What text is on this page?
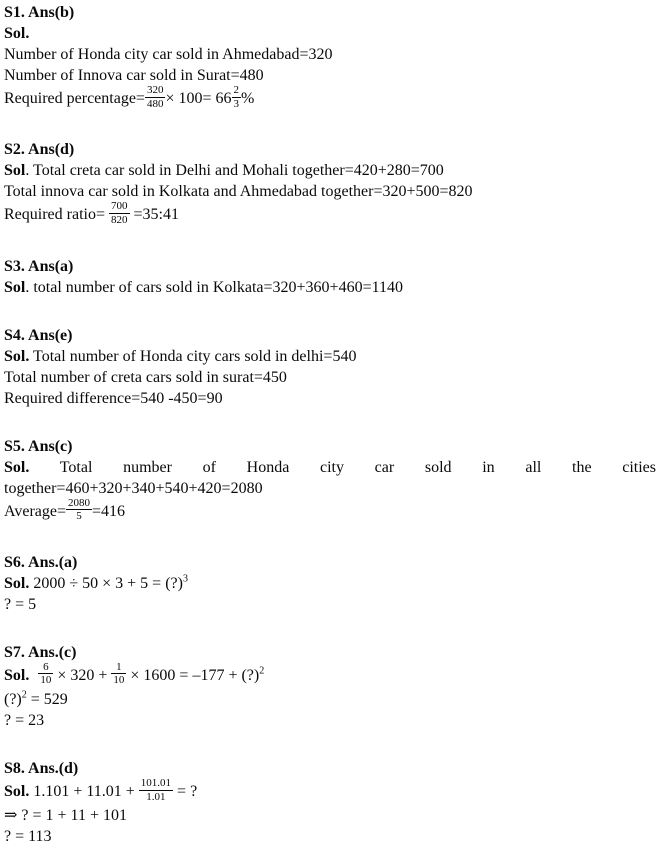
S1. Ans(b)
Sol.
Number of Honda city car sold in Ahmedabad=320
Number of Innova car sold in Surat=480
Required percentage= $\frac{320}{480} \times 100= 66 \frac{2}{3}$ %
S2. Ans(d)
Sol. Total creta car sold in Delhi and Mohali together=420+280=700
Total innova car sold in Kolkata and Ahmedabad together=320+500=820
Required ratio= $\frac{700}{820}$ =35:41
S3. Ans(a)
Sol. total number of cars sold in Kolkata=320+360+460=1140
S4. Ans(e)
Sol. Total number of Honda city cars sold in delhi=540
Total number of creta cars sold in surat=450
Required difference=540 -450=90
S5. Ans(c)
Sol. Total number of Honda city car sold in all the cities
together=460+320+340+540+420=2080
Average= $\frac{2080}{5} =416$
S6. Ans.(a)
Sol. 2000 ÷ 50 × 3 + 5 = (?)$^3$
? = 5
S7. Ans.(c)
Sol. $\frac{6}{10} \times 320 + \frac{1}{10} \times 1600 = -177$ + (?)$^2$
(?)$^2$ = 529
? = 23
S8. Ans.(d)
Sol. $1.101 + 11.01 + \frac{101.01}{1.01}$ = ?
⇒ ? = 1 + 11 + 101
? = 113
